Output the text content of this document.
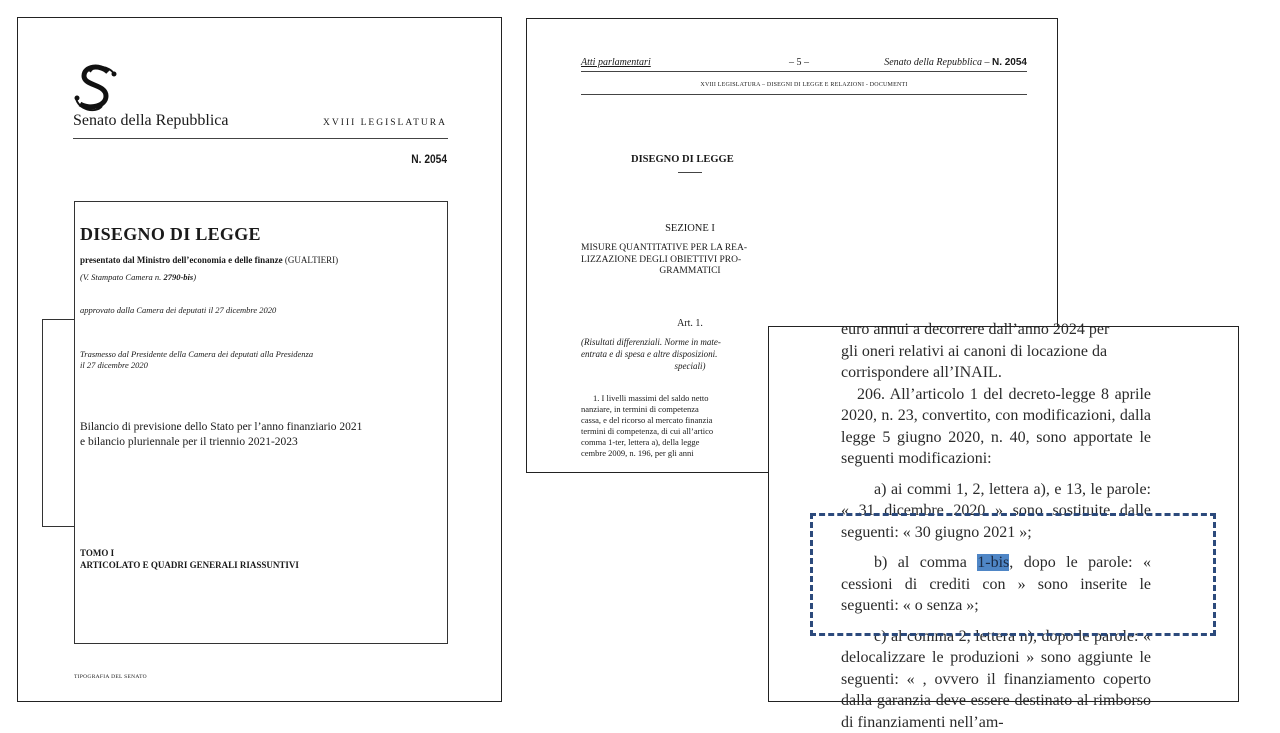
Senato della Repubblica	XVIII LEGISLATURA
N. 2054
DISEGNO DI LEGGE
presentato dal Ministro dell’economia e delle finanze (GUALTIERI)
(V. Stampato Camera n. 2790-bis)
approvato dalla Camera dei deputati il 27 dicembre 2020
Trasmesso dal Presidente della Camera dei deputati alla Presidenza
il 27 dicembre 2020
Bilancio di previsione dello Stato per l’anno finanziario 2021
e bilancio pluriennale per il triennio 2021-2023
TOMO I
ARTICOLATO E QUADRI GENERALI RIASSUNTIVI
TIPOGRAFIA DEL SENATO
Atti parlamentari	– 5 –	Senato della Repubblica – N. 2054
XVIII LEGISLATURA – DISEGNI DI LEGGE E RELAZIONI - DOCUMENTI
DISEGNO DI LEGGE
SEZIONE I
MISURE QUANTITATIVE PER LA REA-
LIZZAZIONE DEGLI OBIETTIVI PRO-
GRAMMATICI
Art. 1.
(Risultati differenziali. Norme in mate-
entrata e di spesa e altre disposizioni.
speciali)
1. I livelli massimi del saldo netto
nanziare, in termini di competenza
cassa, e del ricorso al mercato finanzia
termini di competenza, di cui all’artico
comma 1-ter, lettera a), della legge
cembre 2009, n. 196, per gli anni

euro annui a decorrere dall’anno 2024 per

gli oneri relativi ai canoni di locazione da

corrispondere all’INAIL.

206. All’articolo 1 del decreto-legge 8 aprile 2020, n. 23, convertito, con modificazioni, dalla legge 5 giugno 2020, n. 40, sono apportate le seguenti modificazioni:

a) ai commi 1, 2, lettera a), e 13, le parole: « 31 dicembre 2020 » sono sostituite dalle seguenti: « 30 giugno 2021 »;

b) al comma 1-bis, dopo le parole: « cessioni di crediti con » sono inserite le seguenti: « o senza »;

c) al comma 2, lettera n), dopo le parole: « delocalizzare le produzioni » sono aggiunte le seguenti: « , ovvero il finanziamento coperto dalla garanzia deve essere destinato al rimborso di finanziamenti nell’am-
